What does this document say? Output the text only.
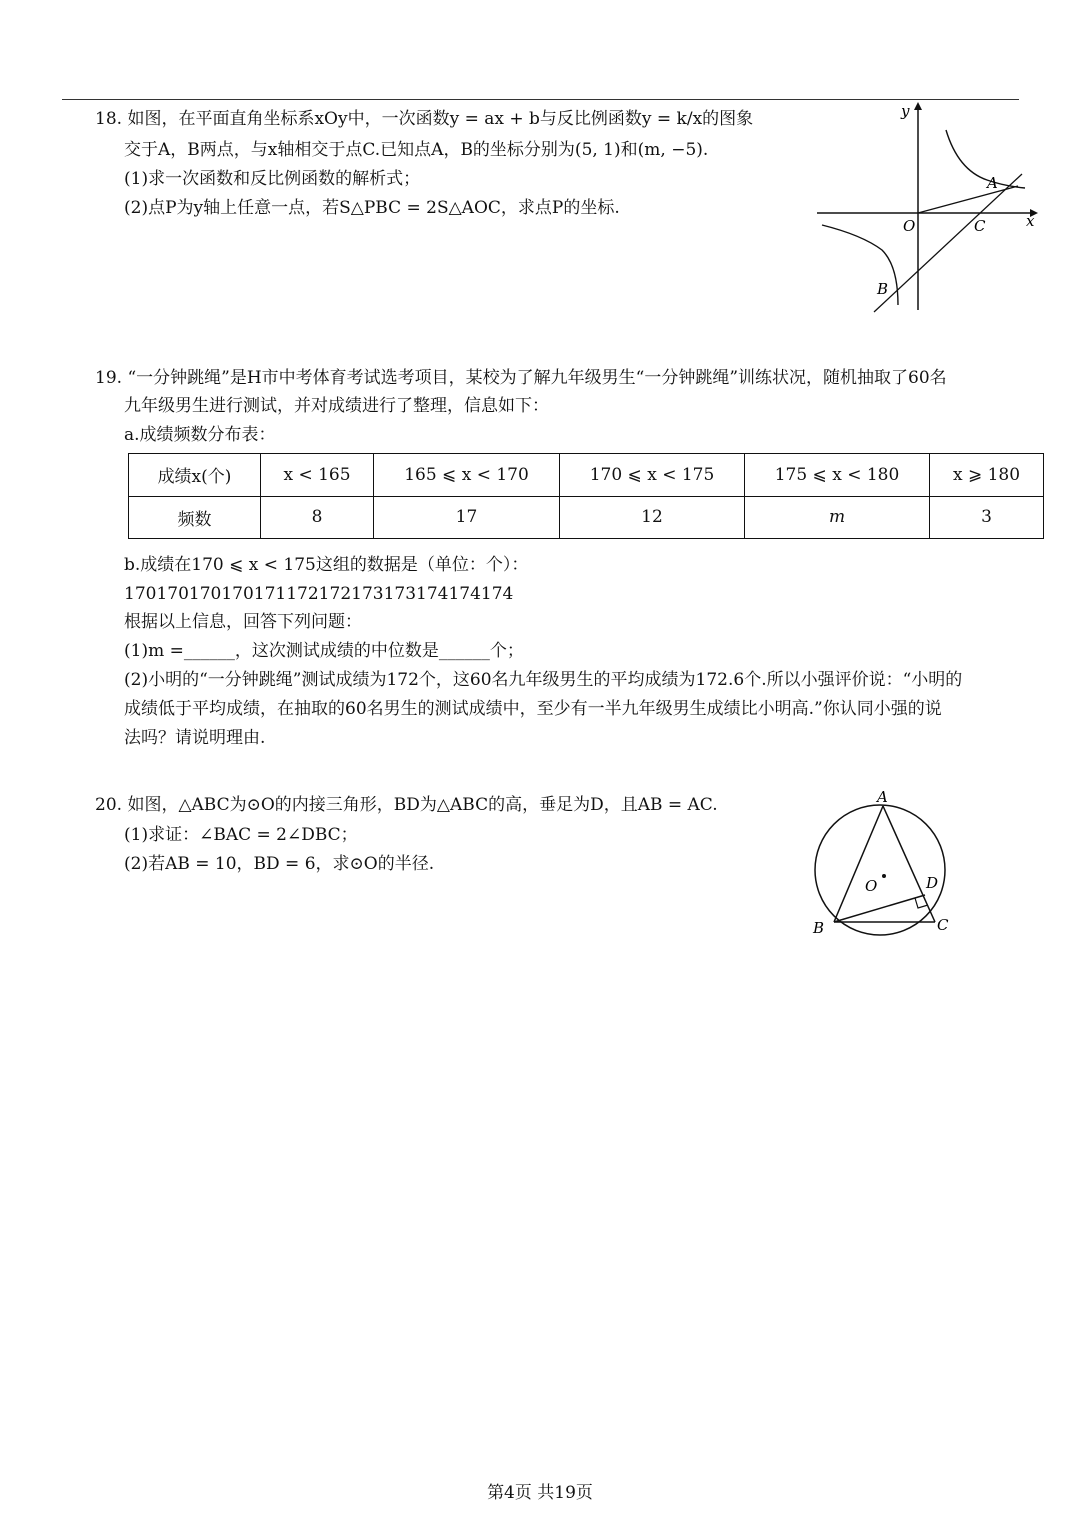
18. 如图，在平面直角坐标系xOy中，一次函数y = ax + b与反比例函数y = k/x的图象
交于A，B两点，与x轴相交于点C.已知点A，B的坐标分别为(5, 1)和(m, −5).
(1)求一次函数和反比例函数的解析式；
(2)点P为y轴上任意一点，若S△PBC = 2S△AOC，求点P的坐标.
y
x
O
A
C
B
19. “一分钟跳绳”是H市中考体育考试选考项目，某校为了解九年级男生“一分钟跳绳”训练状况，随机抽取了60名
九年级男生进行测试，并对成绩进行了整理，信息如下：
a.成绩频数分布表：
成绩x(个)	x < 165	165 ⩽ x < 170	170 ⩽ x < 175	175 ⩽ x < 180	x ⩾ 180
频数	8	17	12	m	3
b.成绩在170 ⩽ x < 175这组的数据是（单位：个）：
170170170170171172172173173174174174
根据以上信息，回答下列问题：
(1)m =______，这次测试成绩的中位数是______个；
(2)小明的“一分钟跳绳”测试成绩为172个，这60名九年级男生的平均成绩为172.6个.所以小强评价说：“小明的
成绩低于平均成绩，在抽取的60名男生的测试成绩中，至少有一半九年级男生成绩比小明高.”你认同小强的说
法吗？请说明理由.
20. 如图，△ABC为⊙O的内接三角形，BD为△ABC的高，垂足为D，且AB = AC.
(1)求证：∠BAC = 2∠DBC；
(2)若AB = 10，BD = 6，求⊙O的半径.
A
B	C
D
O
第4页 共19页
